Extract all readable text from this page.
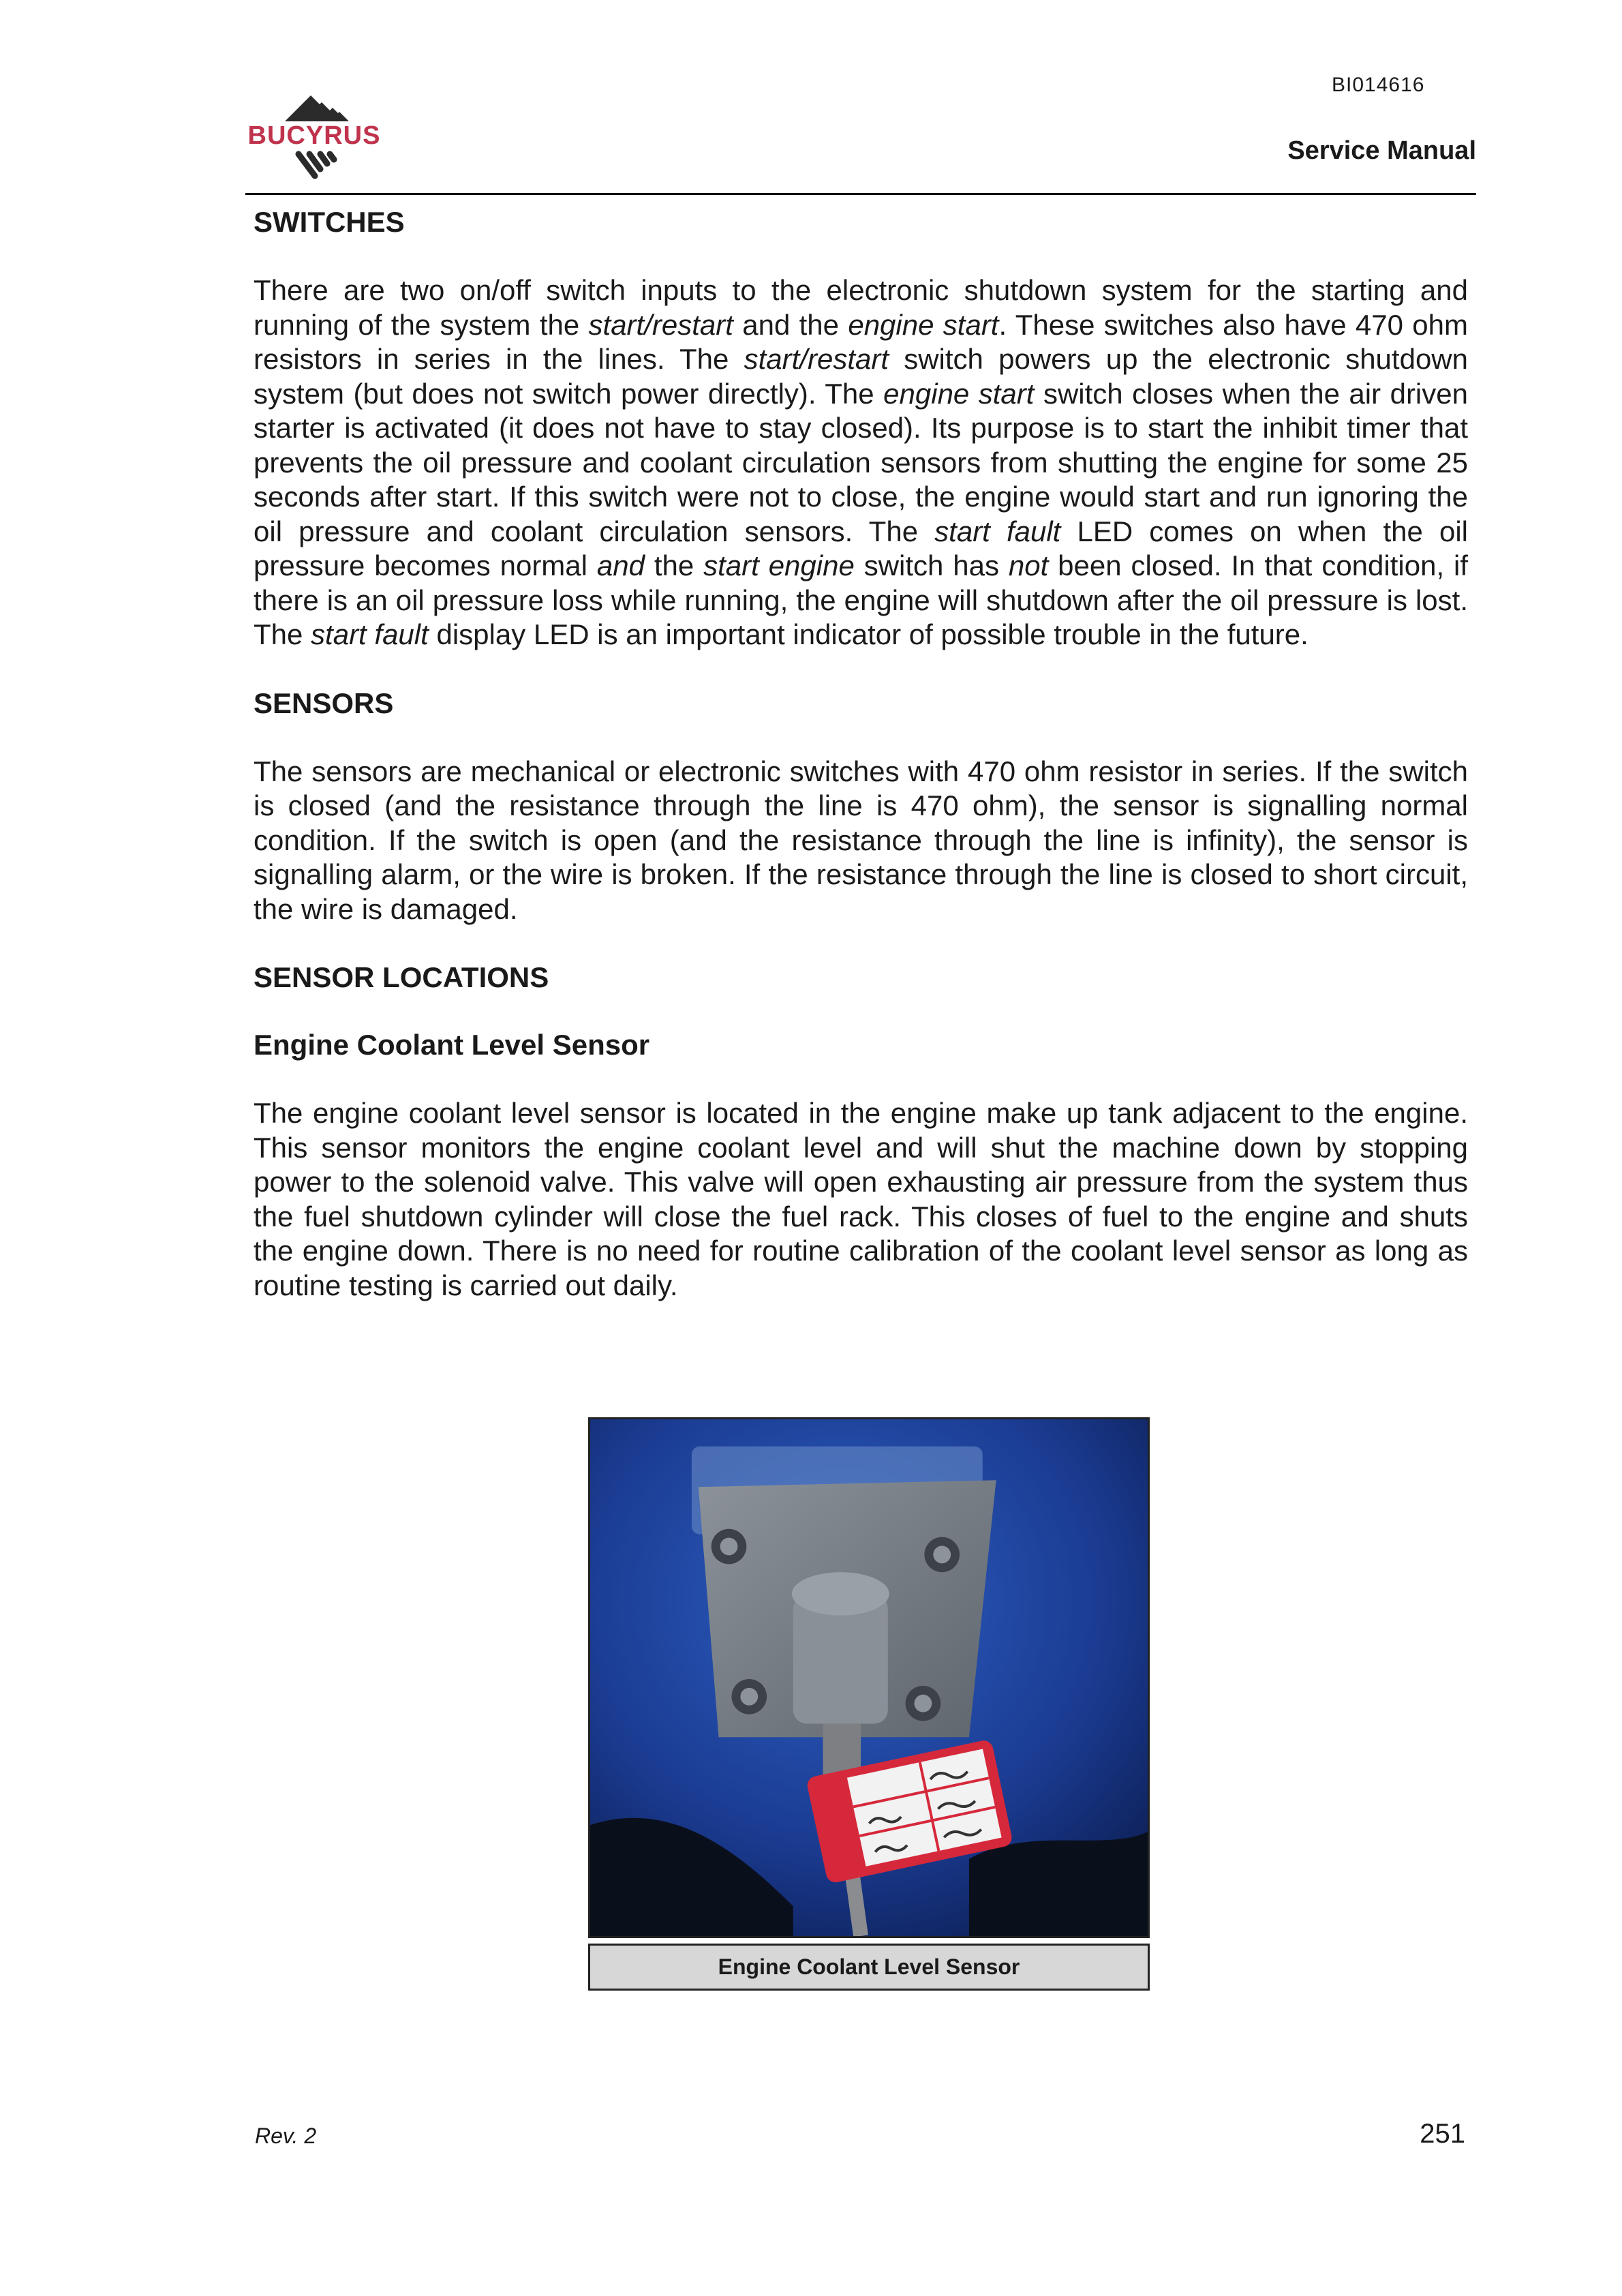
BI014616
BUCYRUS
Service Manual
SWITCHES

There are two on/off switch inputs to the electronic shutdown system for the starting and running of the system the start/restart and the engine start. These switches also have 470 ohm resistors in series in the lines. The start/restart switch powers up the electronic shutdown system (but does not switch power directly). The engine start switch closes when the air driven starter is activated (it does not have to stay closed). Its purpose is to start the inhibit timer that prevents the oil pressure and coolant circulation sensors from shutting the engine for some 25 seconds after start. If this switch were not to close, the engine would start and run ignoring the oil pressure and coolant circulation sensors. The start fault LED comes on when the oil pressure becomes normal and the start engine switch has not been closed. In that condition, if there is an oil pressure loss while running, the engine will shutdown after the oil pressure is lost. The start fault display LED is an important indicator of possible trouble in the future.

SENSORS

The sensors are mechanical or electronic switches with 470 ohm resistor in series. If the switch is closed (and the resistance through the line is 470 ohm), the sensor is signalling normal condition. If the switch is open (and the resistance through the line is infinity), the sensor is signalling alarm, or the wire is broken. If the resistance through the line is closed to short circuit, the wire is damaged.

SENSOR LOCATIONS
Engine Coolant Level Sensor

The engine coolant level sensor is located in the engine make up tank adjacent to the engine. This sensor monitors the engine coolant level and will shut the machine down by stopping power to the solenoid valve. This valve will open exhausting air pressure from the system thus the fuel shutdown cylinder will close the fuel rack. This closes of fuel to the engine and shuts the engine down. There is no need for routine calibration of the coolant level sensor as long as routine testing is carried out daily.

Engine Coolant Level Sensor
Rev. 2	251
